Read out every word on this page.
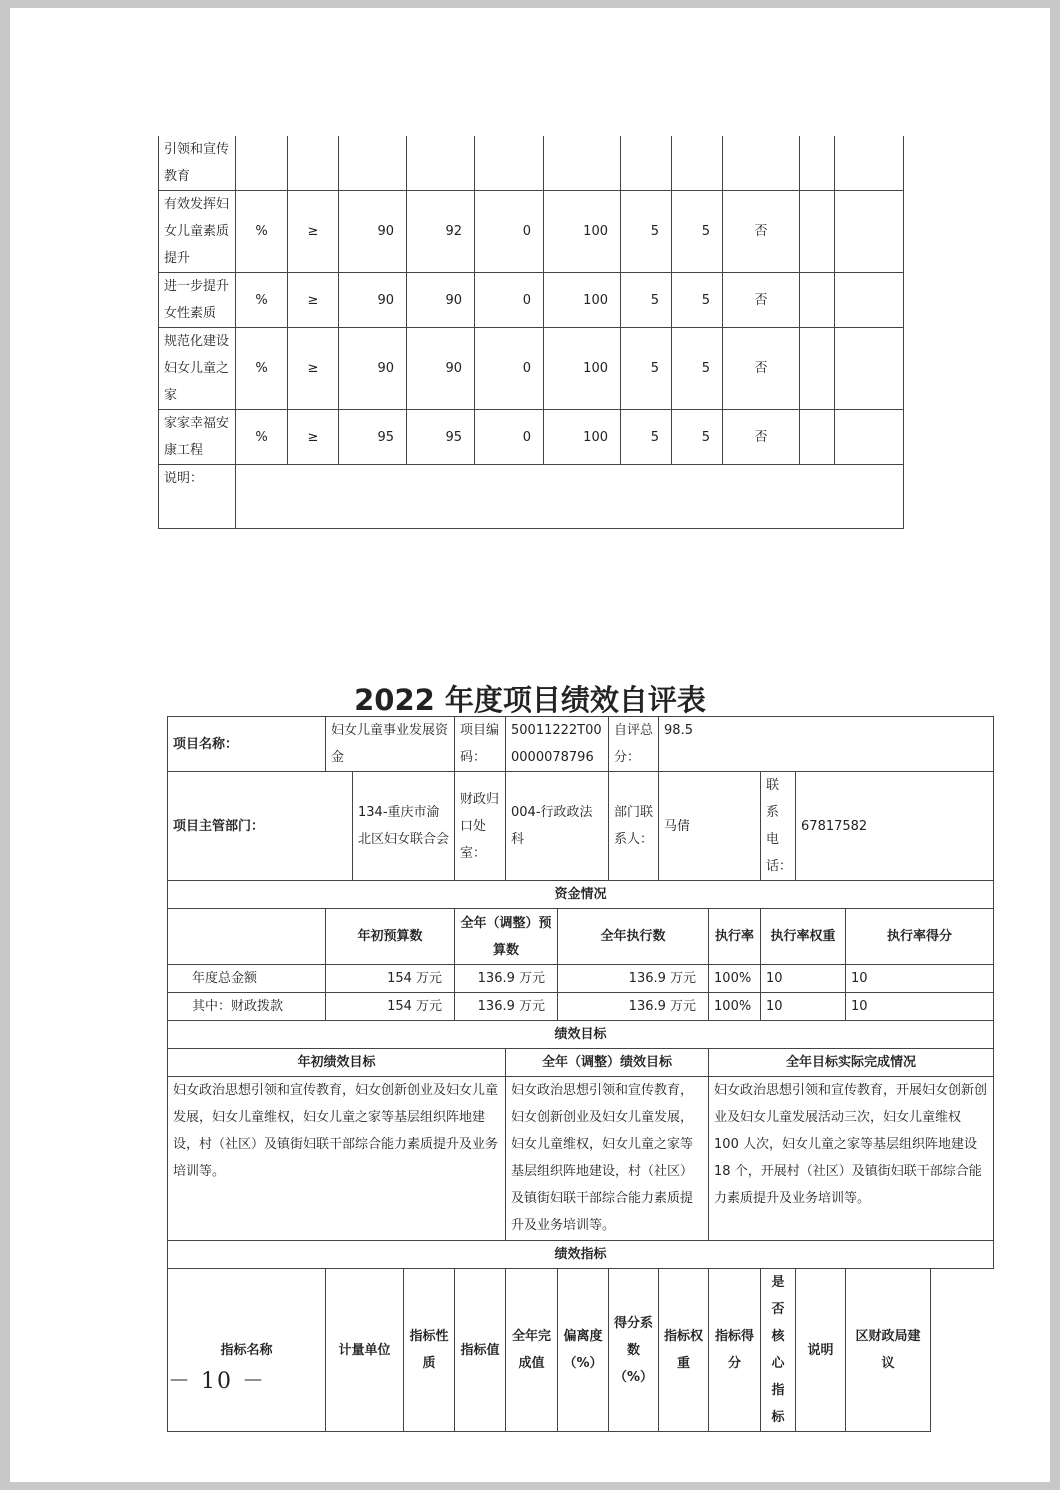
引领和宣传教育											
有效发挥妇女儿童素质提升	%	≥	90	92	0	100	5	5	否		
进一步提升女性素质	%	≥	90	90	0	100	5	5	否		
规范化建设妇女儿童之家	%	≥	90	90	0	100	5	5	否		
家家幸福安康工程	%	≥	95	95	0	100	5	5	否		
说明：											
2022 年度项目绩效自评表
项目名称：	妇女儿童事业发展资金			项目编码：	50011222T000000078796		自评总分：	98.5				
项目主管部门：		134-重庆市渝北区妇女联合会		财政归口处室：	004-行政政法科		部门联系人：	马倩		联系电话：	67817582	
资金情况												
	年初预算数			全年（调整）预算数		全年执行数			执行率	执行率权重		执行率得分
年度总金额	154 万元			136.9 万元		136.9 万元			100%	10		10
其中：财政拨款	154 万元			136.9 万元		136.9 万元			100%	10		10
绩效目标												
年初绩效目标					全年（调整）绩效目标				全年目标实际完成情况			
妇女政治思想引领和宣传教育，妇女创新创业及妇女儿童发展，妇女儿童维权，妇女儿童之家等基层组织阵地建设，村（社区）及镇街妇联干部综合能力素质提升及业务培训等。					妇女政治思想引领和宣传教育，妇女创新创业及妇女儿童发展，妇女儿童维权，妇女儿童之家等基层组织阵地建设，村（社区）及镇街妇联干部综合能力素质提升及业务培训等。				妇女政治思想引领和宣传教育，开展妇女创新创业及妇女儿童发展活动三次，妇女儿童维权 100 人次，妇女儿童之家等基层组织阵地建设 18 个，开展村（社区）及镇街妇联干部综合能力素质提升及业务培训等。			
绩效指标												
指标名称	计量单位		指标性质	指标值	全年完成值	偏离度（%）	得分系数（%）	指标权重	指标得分	是否核心指标	说明	区财政局建议
－ 10 －
